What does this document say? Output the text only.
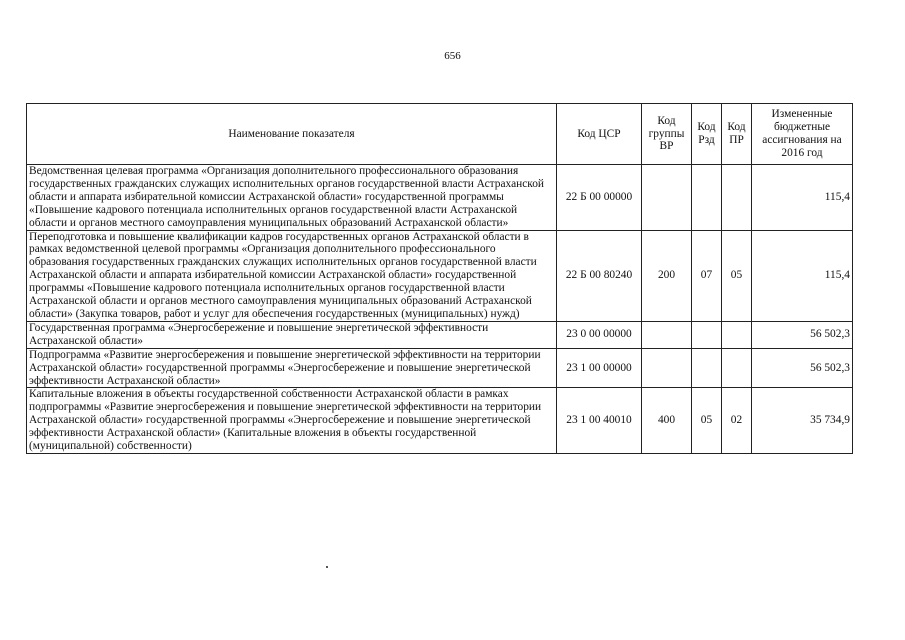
656
Наименование показателя	Код ЦСР	Код группы ВР	Код Рзд	Код ПР	Измененные бюджетные ассигнования на 2016 год
Ведомственная целевая программа «Организация дополнительного профессионального образования государственных гражданских служащих исполнительных органов государственной власти Астраханской области и аппарата избирательной комиссии Астраханской области» государственной программы «Повышение кадрового потенциала исполнительных органов государственной власти Астраханской области и органов местного самоуправления муниципальных образований Астраханской области»	22 Б 00 00000				115,4
Переподготовка и повышение квалификации кадров государственных органов Астраханской области в рамках ведомственной целевой программы «Организация дополнительного профессионального образования государственных гражданских служащих исполнительных органов государственной власти Астраханской области и аппарата избирательной комиссии Астраханской области» государственной программы «Повышение кадрового потенциала исполнительных органов государственной власти Астраханской области и органов местного самоуправления муниципальных образований Астраханской области» (Закупка товаров, работ и услуг для обеспечения государственных (муниципальных) нужд)	22 Б 00 80240	200	07	05	115,4
Государственная программа «Энергосбережение и повышение энергетической эффективности Астраханской области»	23 0 00 00000				56 502,3
Подпрограмма «Развитие энергосбережения и повышение энергетической эффективности на территории Астраханской области» государственной программы «Энергосбережение и повышение энергетической эффективности Астраханской области»	23 1 00 00000				56 502,3
Капитальные вложения в объекты государственной собственности Астраханской области в рамках подпрограммы «Развитие энергосбережения и повышение энергетической эффективности на территории Астраханской области» государственной программы «Энергосбережение и повышение энергетической эффективности Астраханской области» (Капитальные вложения в объекты государственной (муниципальной) собственности)	23 1 00 40010	400	05	02	35 734,9
